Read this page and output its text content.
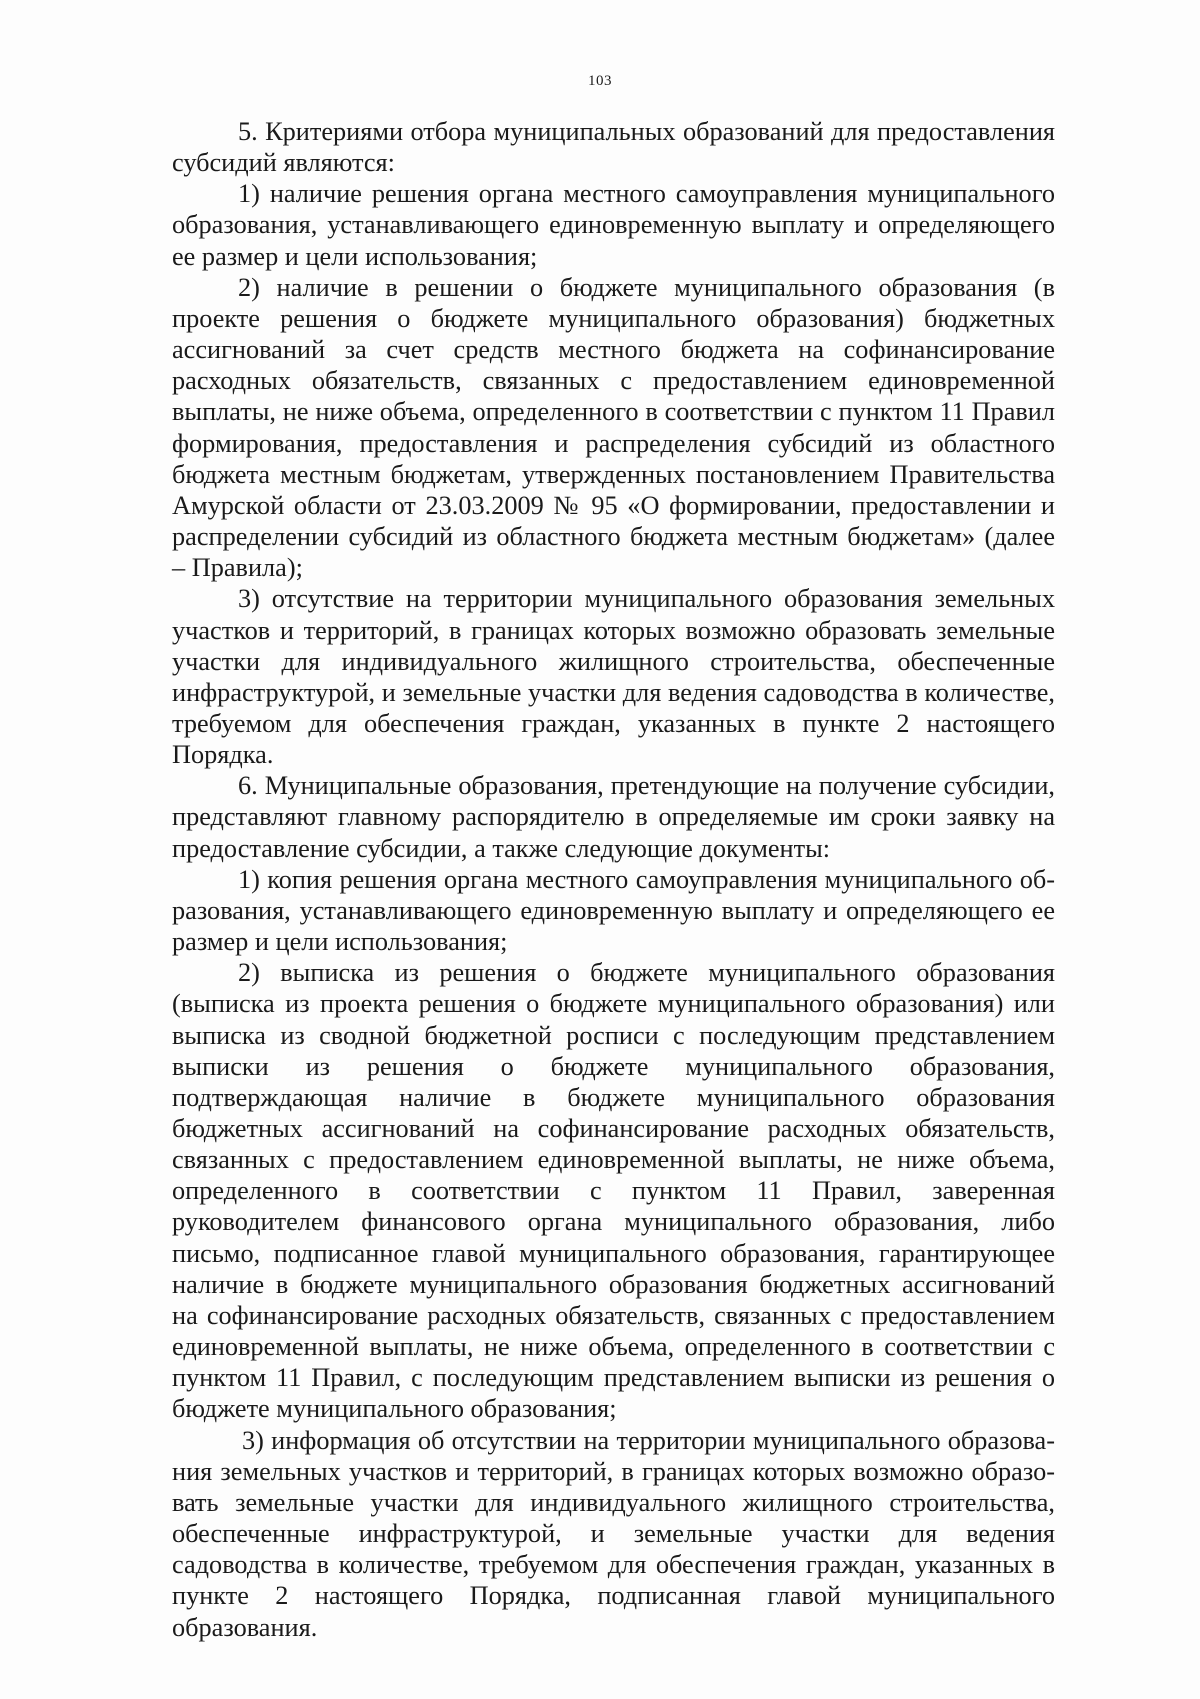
103

5. Критериями отбора муниципальных образований для предоставления субсидий являются:

1) наличие решения органа местного самоуправления муниципального образования, устанавливающего единовременную выплату и определяющего ее размер и цели использования;

2) наличие в решении о бюджете муниципального образования (в проекте решения о бюджете муниципального образования) бюджетных ассигнований за счет средств местного бюджета на софинансирование расходных обязательств, связанных с предоставлением единовременной выплаты, не ниже объема, определенного в соответствии с пунктом 11 Правил формирования, предоставления и распределения субсидий из областного бюджета местным бюджетам, утвержденных постановлением Правительства Амурской области от 23.03.2009 № 95 «О формировании, предоставлении и распределении субсидий из областного бюджета местным бюджетам» (далее – Правила);

3) отсутствие на территории муниципального образования земельных участков и территорий, в границах которых возможно образовать земельные участки для индивидуального жилищного строительства, обеспеченные инфраструктурой, и земельные участки для ведения садоводства в количестве, требуемом для обеспечения граждан, указанных в пункте 2 настоящего Порядка.

6. Муниципальные образования, претендующие на получение субсидии, представляют главному распорядителю в определяемые им сроки заявку на предоставление субсидии, а также следующие документы:

1) копия решения органа местного самоуправления муниципального образования, устанавливающего единовременную выплату и определяющего ее размер и цели использования;

2) выписка из решения о бюджете муниципального образования (выписка из проекта решения о бюджете муниципального образования) или выписка из сводной бюджетной росписи с последующим представлением выписки из решения о бюджете муниципального образования, подтверждающая наличие в бюджете муниципального образования бюджетных ассигнований на софинансирование расходных обязательств, связанных с предоставлением единовременной выплаты, не ниже объема, определенного в соответствии с пунктом 11 Правил, заверенная руководителем финансового органа муниципального образования, либо письмо, подписанное главой муниципального образования, гарантирующее наличие в бюджете муниципального образования бюджетных ассигнований на софинансирование расходных обязательств, связанных с предоставлением единовременной выплаты, не ниже объема, определенного в соответствии с пунктом 11 Правил, с последующим представлением выписки из решения о бюджете муниципального образования;

3) информация об отсутствии на территории муниципального образования земельных участков и территорий, в границах которых возможно образовать земельные участки для индивидуального жилищного строительства, обеспеченные инфраструктурой, и земельные участки для ведения садоводства в количестве, требуемом для обеспечения граждан, указанных в пункте 2 настоящего Порядка, подписанная главой муниципального образования.
